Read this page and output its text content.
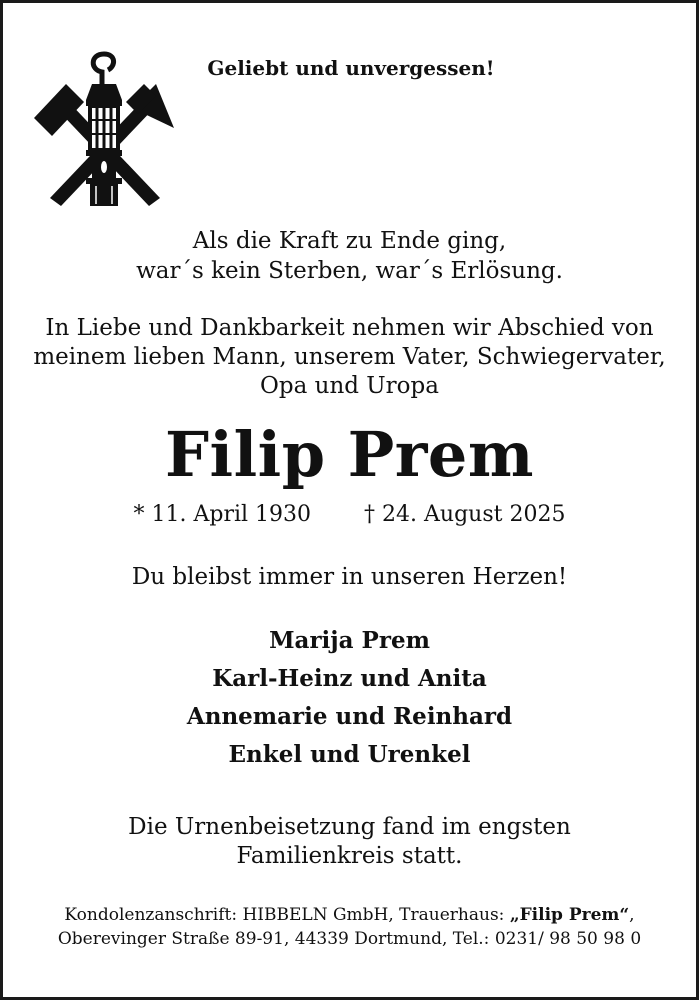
Geliebt und unvergessen!
Als die Kraft zu Ende ging,
war´s kein Sterben, war´s Erlösung.
In Liebe und Dankbarkeit nehmen wir Abschied von
meinem lieben Mann, unserem Vater, Schwiegervater,
Opa und Uropa
Filip Prem
* 11. April 1930 † 24. August 2025
Du bleibst immer in unseren Herzen!
Marija Prem
Karl-Heinz und Anita
Annemarie und Reinhard
Enkel und Urenkel
Die Urnenbeisetzung fand im engsten
Familienkreis statt.
Kondolenzanschrift: HIBBELN GmbH, Trauerhaus: „Filip Prem“,
Oberevinger Straße 89-91, 44339 Dortmund, Tel.: 0231/ 98 50 98 0
